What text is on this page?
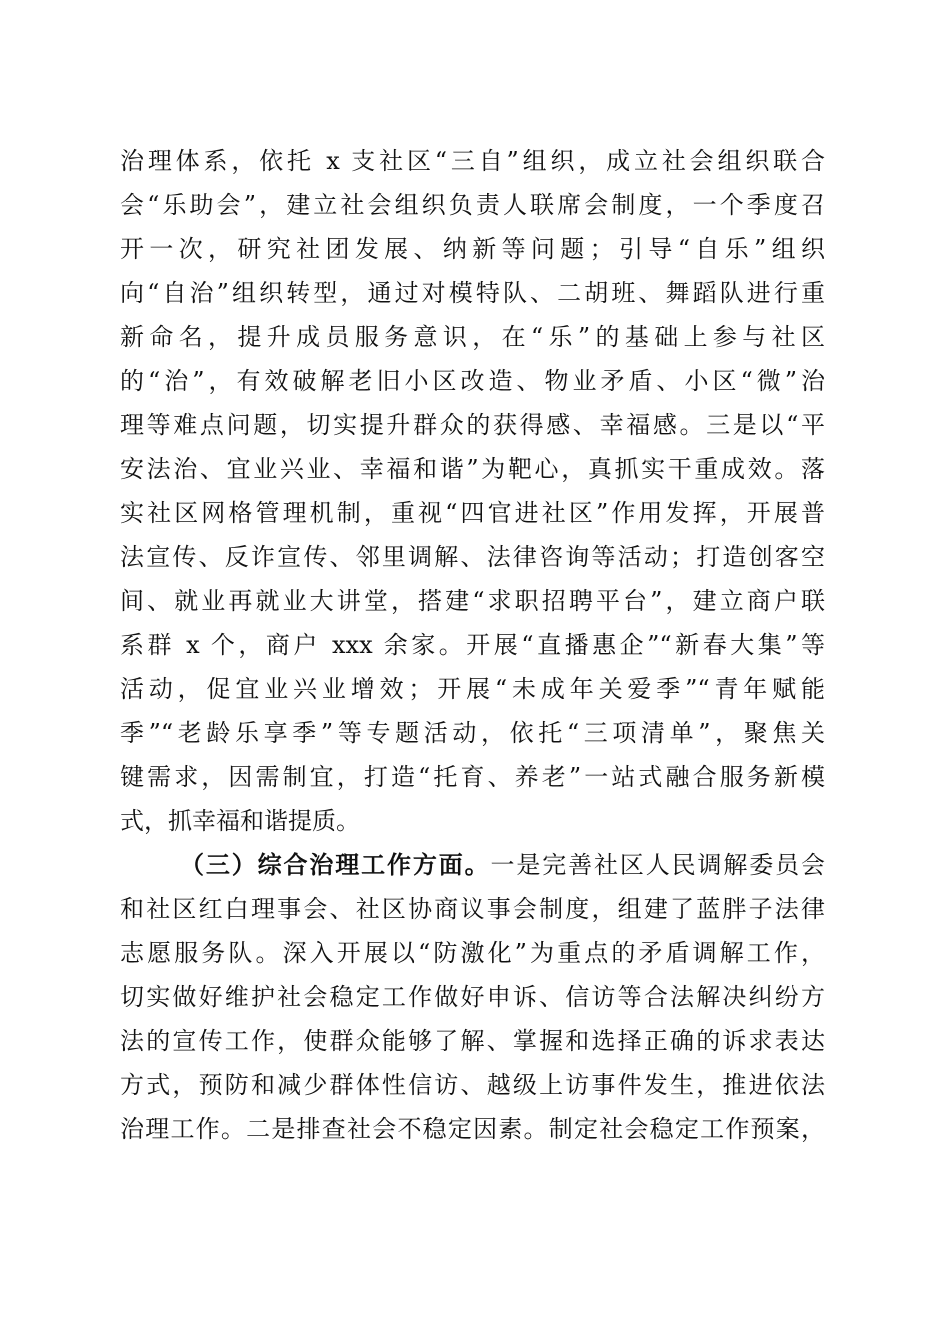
治理体系，依托 x 支社区“三自”组织，成立社会组织联合
会“乐助会”，建立社会组织负责人联席会制度，一个季度召
开一次，研究社团发展、纳新等问题；引导“自乐”组织
向“自治”组织转型，通过对模特队、二胡班、舞蹈队进行重
新命名，提升成员服务意识，在“乐”的基础上参与社区
的“治”，有效破解老旧小区改造、物业矛盾、小区“微”治
理等难点问题，切实提升群众的获得感、幸福感。三是以“平
安法治、宜业兴业、幸福和谐”为靶心，真抓实干重成效。落
实社区网格管理机制，重视“四官进社区”作用发挥，开展普
法宣传、反诈宣传、邻里调解、法律咨询等活动；打造创客空
间、就业再就业大讲堂，搭建“求职招聘平台”，建立商户联
系群 x 个，商户 xxx 余家。开展“直播惠企”“新春大集”等
活动，促宜业兴业增效；开展“未成年关爱季”“青年赋能
季”“老龄乐享季”等专题活动，依托“三项清单”，聚焦关
键需求，因需制宜，打造“托育、养老”一站式融合服务新模
式，抓幸福和谐提质。
（三）综合治理工作方面。一是完善社区人民调解委员会
和社区红白理事会、社区协商议事会制度，组建了蓝胖子法律
志愿服务队。深入开展以“防激化”为重点的矛盾调解工作，
切实做好维护社会稳定工作做好申诉、信访等合法解决纠纷方
法的宣传工作，使群众能够了解、掌握和选择正确的诉求表达
方式，预防和减少群体性信访、越级上访事件发生，推进依法
治理工作。二是排查社会不稳定因素。制定社会稳定工作预案，
